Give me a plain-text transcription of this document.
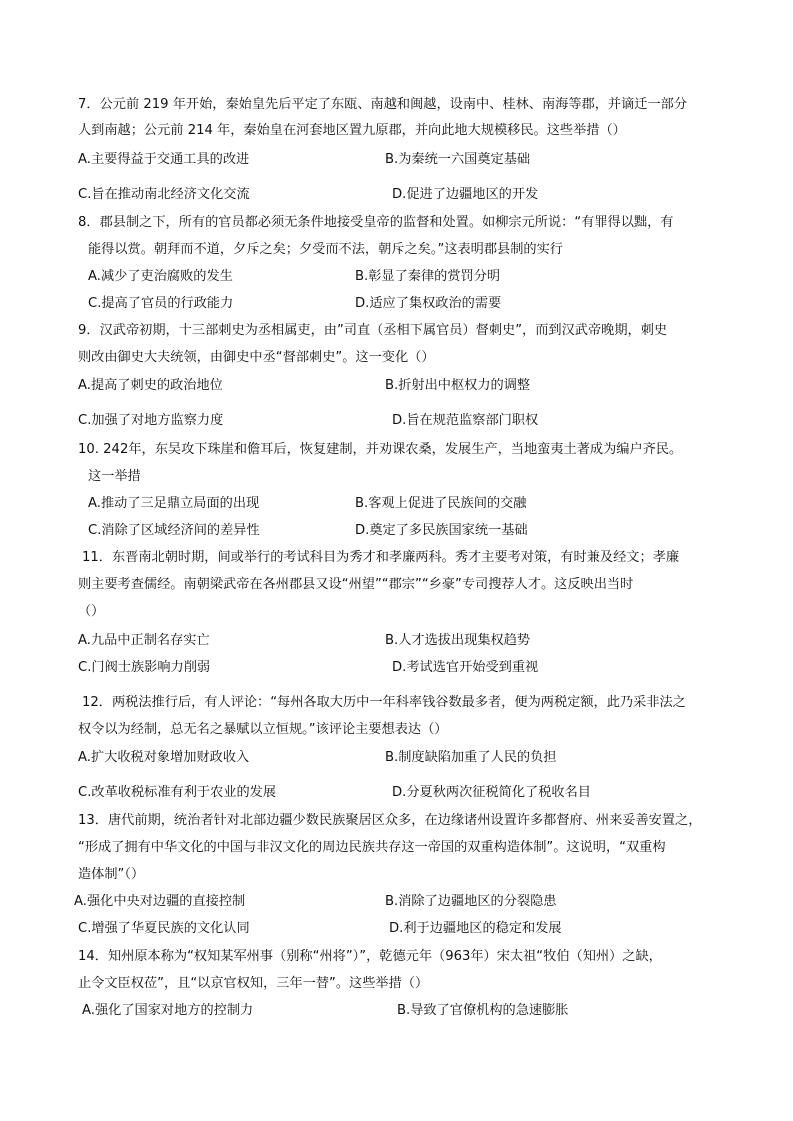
7．公元前 219 年开始，秦始皇先后平定了东瓯、南越和闽越，设南中、桂林、南海等郡，并谪迁一部分
人到南越；公元前 214 年，秦始皇在河套地区置九原郡，并向此地大规模移民。这些举措（）
A.主要得益于交通工具的改进	B.为秦统一六国奠定基础
C.旨在推动南北经济文化交流	D.促进了边疆地区的开发
8．郡县制之下，所有的官员都必须无条件地接受皇帝的监督和处置。如柳宗元所说：“有罪得以黜，有
能得以赏。朝拜而不道，夕斥之矣；夕受而不法，朝斥之矣。”这表明郡县制的实行
A.减少了吏治腐败的发生	B.彰显了秦律的赏罚分明
C.提高了官员的行政能力	D.适应了集权政治的需要
9．汉武帝初期，十三部刺史为丞相属吏，由”司直（丞相下属官员）督刺史”，而到汉武帝晚期，刺史
则改由御史大夫统领，由御史中丞“督部刺史”。这一变化（）
A.提高了刺史的政治地位	B.折射出中枢权力的调整
C.加强了对地方监察力度	D.旨在规范监察部门职权
10. 242年，东吴攻下珠崖和儋耳后，恢复建制，并劝课农桑，发展生产，当地蛮夷土著成为编户齐民。
这一举措
A.推动了三足鼎立局面的出现	B.客观上促进了民族间的交融
C.消除了区域经济间的差异性	D.奠定了多民族国家统一基础
11．东晋南北朝时期，间或举行的考试科目为秀才和孝廉两科。秀才主要考对策，有时兼及经文；孝廉
则主要考查儒经。南朝梁武帝在各州郡县又设“州望”“郡宗”“乡豪”专司搜荐人才。这反映出当时
（）
A.九品中正制名存实亡	B.人才选拔出现集权趋势
C.门阀士族影响力削弱	D.考试选官开始受到重视
12．两税法推行后，有人评论：“每州各取大历中一年科率钱谷数最多者，便为两税定额，此乃采非法之
权令以为经制，总无名之暴赋以立恒规。”该评论主要想表达（）
A.扩大收税对象增加财政收入	B.制度缺陷加重了人民的负担
C.改革收税标准有利于农业的发展	D.分夏秋两次征税简化了税收名目
13．唐代前期，统治者针对北部边疆少数民族聚居区众多，在边缘诸州设置许多都督府、州来妥善安置之，
“形成了拥有中华文化的中国与非汉文化的周边民族共存这一帝国的双重构造体制”。这说明，“双重构
造体制”（）
A.强化中央对边疆的直接控制	B.消除了边疆地区的分裂隐患
C.增强了华夏民族的文化认同	D.利于边疆地区的稳定和发展
14．知州原本称为“权知某军州事（别称“州将”）”，乾德元年（963年）宋太祖“牧伯（知州）之缺，
止令文臣权莅”，且“以京官权知，三年一替”。这些举措（）
A.强化了国家对地方的控制力	B.导致了官僚机构的急速膨胀
